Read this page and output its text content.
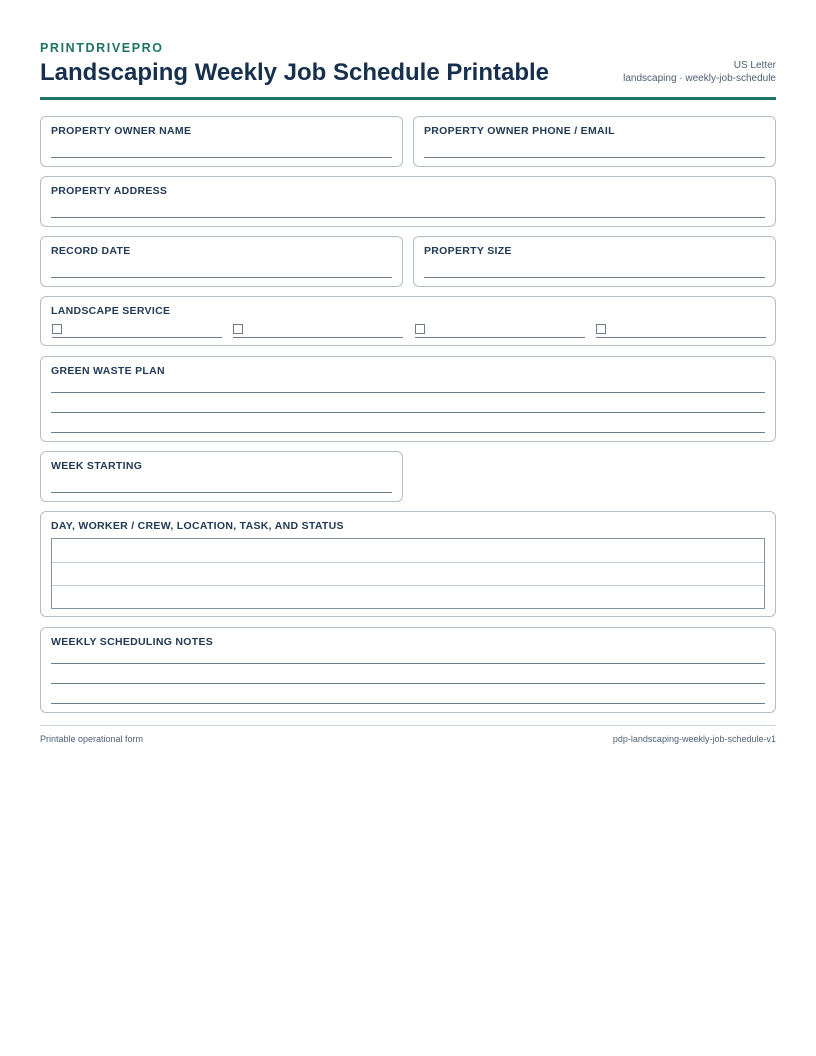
PRINTDRIVEPRO
Landscaping Weekly Job Schedule Printable	US Letter
landscaping · weekly-job-schedule
PROPERTY OWNER NAME	PROPERTY OWNER PHONE / EMAIL
PROPERTY ADDRESS
RECORD DATE	PROPERTY SIZE
LANDSCAPE SERVICE
GREEN WASTE PLAN
WEEK STARTING
DAY, WORKER / CREW, LOCATION, TASK, AND STATUS
WEEKLY SCHEDULING NOTES
Printable operational form	pdp-landscaping-weekly-job-schedule-v1
